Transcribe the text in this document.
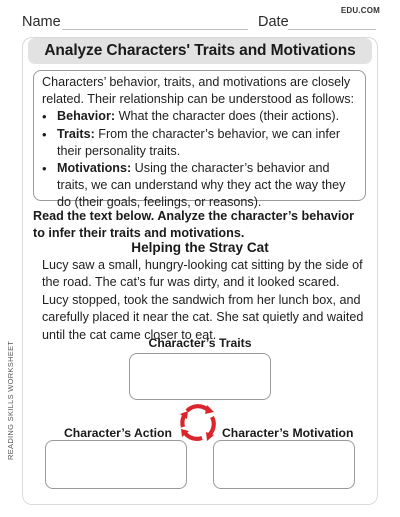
Name	Date
EDU.COM
Analyze Characters' Traits and Motivations

Characters’ behavior, traits, and motivations are closely related. Their relationship can be understood as follows:

• Behavior: What the character does (their actions).
• Traits: From the character’s behavior, we can infer their personality traits.
• Motivations: Using the character’s behavior and traits, we can understand why they act the way they do (their goals, feelings, or reasons).
Read the text below. Analyze the character’s behavior to infer their traits and motivations.
Helping the Stray Cat

Lucy saw a small, hungry-looking cat sitting by the side of the road. The cat’s fur was dirty, and it looked scared. Lucy stopped, took the sandwich from her lunch box, and carefully placed it near the cat. She sat quietly and waited until the cat came closer to eat.

Character’s Traits
Character’s Action	Character’s Motivation
READING SKILLS WORKSHEET
